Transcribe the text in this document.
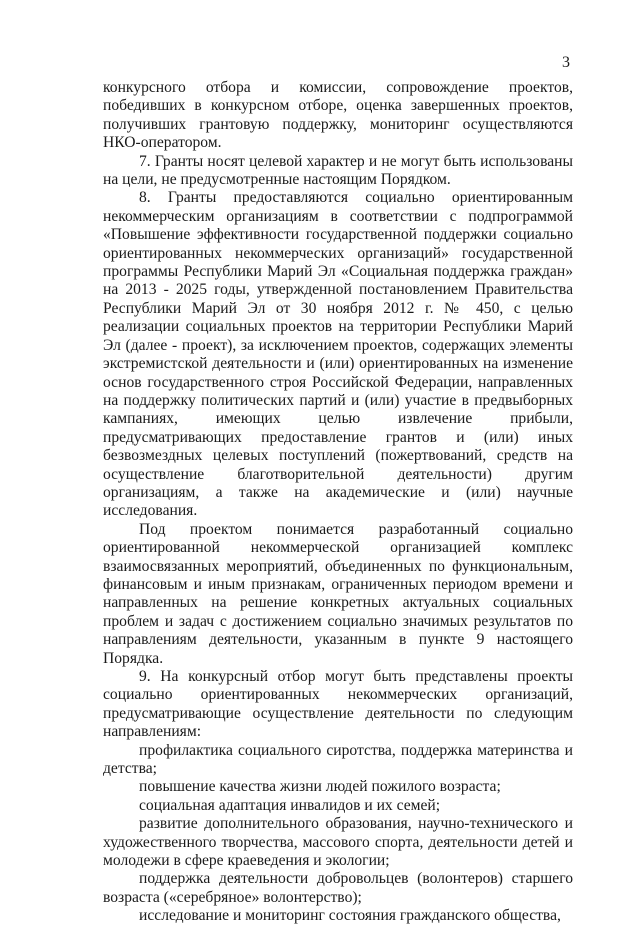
3

конкурсного отбора и комиссии, сопровождение проектов, победивших в конкурсном отборе, оценка завершенных проектов, получивших грантовую поддержку, мониторинг осуществляются НКО-оператором.

7. Гранты носят целевой характер и не могут быть использованы на цели, не предусмотренные настоящим Порядком.

8. Гранты предоставляются социально ориентированным некоммерческим организациям в соответствии с подпрограммой «Повышение эффективности государственной поддержки социально ориентированных некоммерческих организаций» государственной программы Республики Марий Эл «Социальная поддержка граждан» на 2013 - 2025 годы, утвержденной постановлением Правительства Республики Марий Эл от 30 ноября 2012 г. № 450, с целью реализации социальных проектов на территории Республики Марий Эл (далее - проект), за исключением проектов, содержащих элементы экстремистской деятельности и (или) ориентированных на изменение основ государственного строя Российской Федерации, направленных на поддержку политических партий и (или) участие в предвыборных кампаниях, имеющих целью извлечение прибыли, предусматривающих предоставление грантов и (или) иных безвозмездных целевых поступлений (пожертвований, средств на осуществление благотворительной деятельности) другим организациям, а также на академические и (или) научные исследования.

Под проектом понимается разработанный социально ориентированной некоммерческой организацией комплекс взаимосвязанных мероприятий, объединенных по функциональным, финансовым и иным признакам, ограниченных периодом времени и направленных на решение конкретных актуальных социальных проблем и задач с достижением социально значимых результатов по направлениям деятельности, указанным в пункте 9 настоящего Порядка.

9. На конкурсный отбор могут быть представлены проекты социально ориентированных некоммерческих организаций, предусматривающие осуществление деятельности по следующим направлениям:

профилактика социального сиротства, поддержка материнства и детства;

повышение качества жизни людей пожилого возраста;

социальная адаптация инвалидов и их семей;

развитие дополнительного образования, научно-технического и художественного творчества, массового спорта, деятельности детей и молодежи в сфере краеведения и экологии;

поддержка деятельности добровольцев (волонтеров) старшего возраста («серебряное» волонтерство);

исследование и мониторинг состояния гражданского общества,
